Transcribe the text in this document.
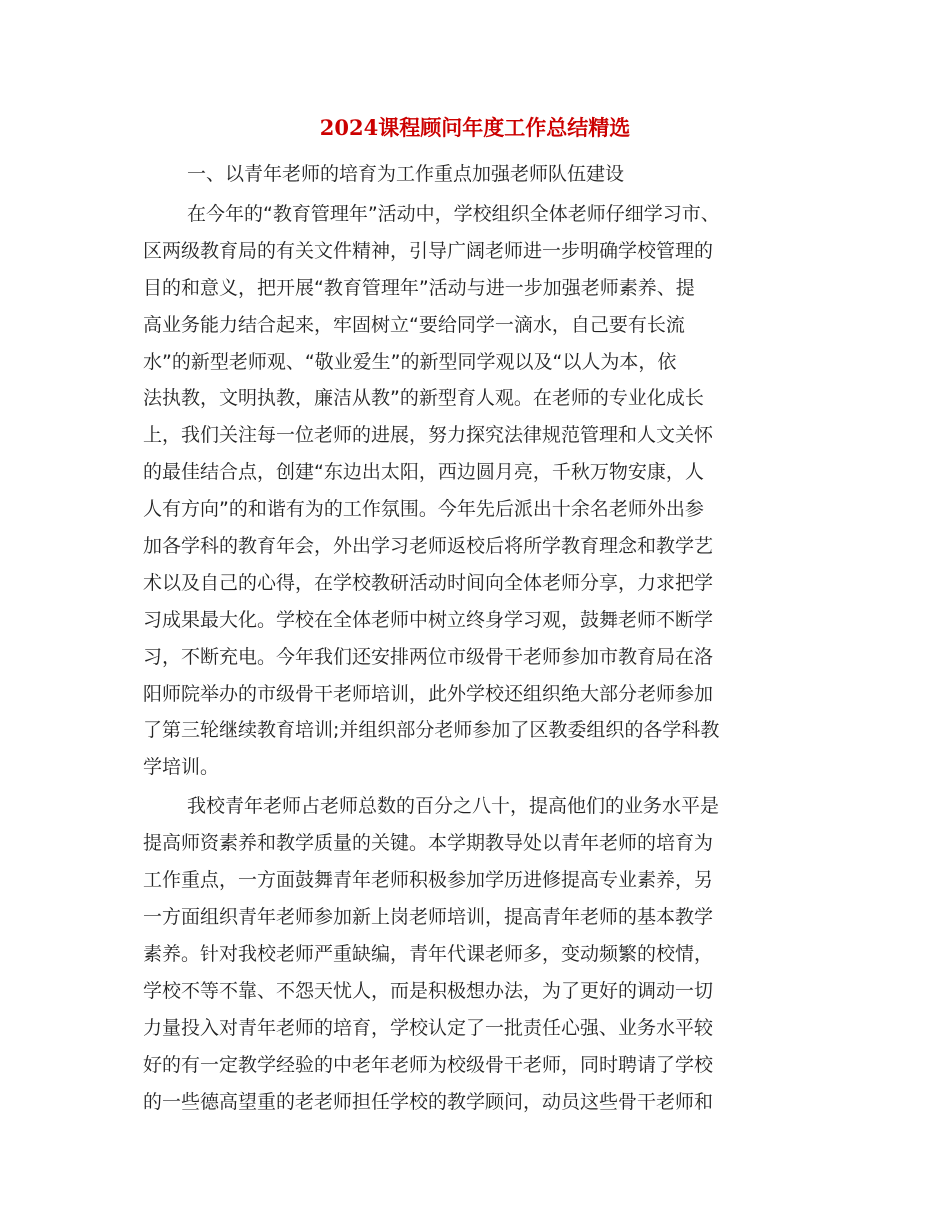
2024课程顾问年度工作总结精选

一、以青年老师的培育为工作重点加强老师队伍建设

在今年的“教育管理年”活动中，学校组织全体老师仔细学习市、

区两级教育局的有关文件精神，引导广阔老师进一步明确学校管理的

目的和意义，把开展“教育管理年”活动与进一步加强老师素养、提

高业务能力结合起来，牢固树立“要给同学一滴水，自己要有长流

水”的新型老师观、“敬业爱生”的新型同学观以及“以人为本，依

法执教，文明执教，廉洁从教”的新型育人观。在老师的专业化成长

上，我们关注每一位老师的进展，努力探究法律规范管理和人文关怀

的最佳结合点，创建“东边出太阳，西边圆月亮，千秋万物安康，人

人有方向”的和谐有为的工作氛围。今年先后派出十余名老师外出参

加各学科的教育年会，外出学习老师返校后将所学教育理念和教学艺

术以及自己的心得，在学校教研活动时间向全体老师分享，力求把学

习成果最大化。学校在全体老师中树立终身学习观，鼓舞老师不断学

习，不断充电。今年我们还安排两位市级骨干老师参加市教育局在洛

阳师院举办的市级骨干老师培训，此外学校还组织绝大部分老师参加

了第三轮继续教育培训;并组织部分老师参加了区教委组织的各学科教

学培训。

我校青年老师占老师总数的百分之八十，提高他们的业务水平是

提高师资素养和教学质量的关键。本学期教导处以青年老师的培育为

工作重点，一方面鼓舞青年老师积极参加学历进修提高专业素养，另

一方面组织青年老师参加新上岗老师培训，提高青年老师的基本教学

素养。针对我校老师严重缺编，青年代课老师多，变动频繁的校情，

学校不等不靠、不怨天忧人，而是积极想办法，为了更好的调动一切

力量投入对青年老师的培育，学校认定了一批责任心强、业务水平较

好的有一定教学经验的中老年老师为校级骨干老师，同时聘请了学校

的一些德高望重的老老师担任学校的教学顾问，动员这些骨干老师和
